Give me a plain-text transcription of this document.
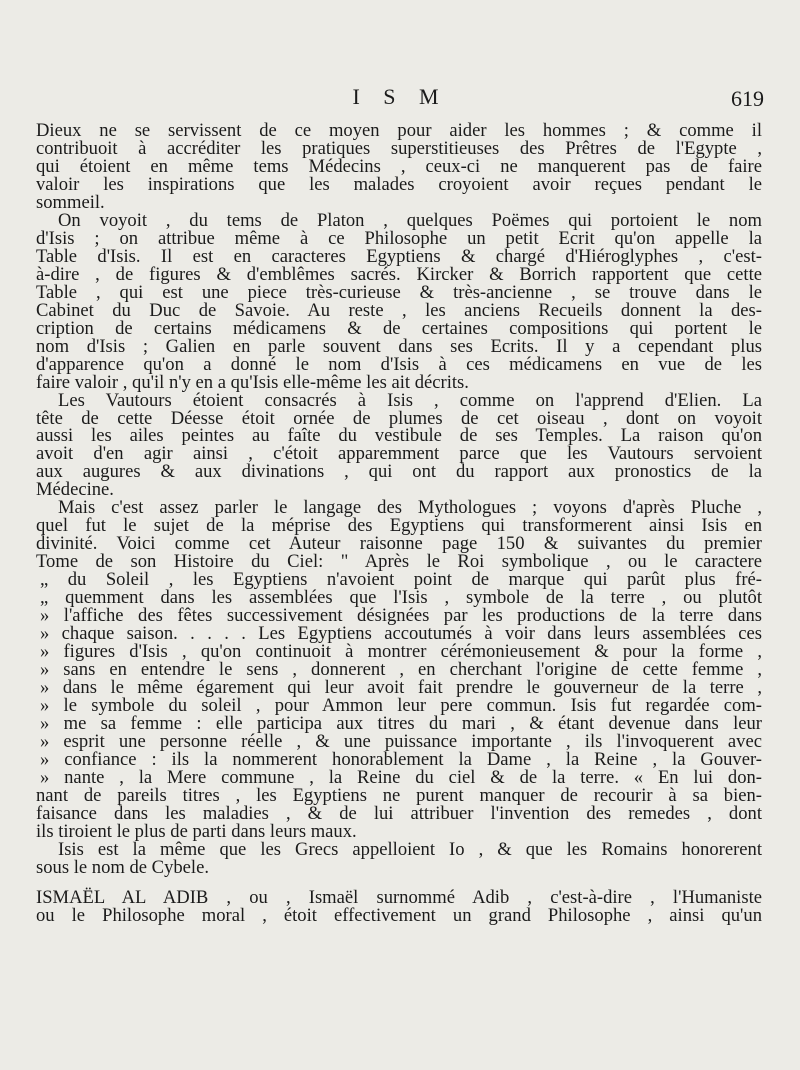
I S M	619
Dieux ne se servissent de ce moyen pour aider les hommes ; & comme il
contribuoit à accréditer les pratiques superstitieuses des Prêtres de l'Egypte ,
qui étoient en même tems Médecins , ceux-ci ne manquerent pas de faire
valoir les inspirations que les malades croyoient avoir reçues pendant le
sommeil.
On voyoit , du tems de Platon , quelques Poëmes qui portoient le nom
d'Isis ; on attribue même à ce Philosophe un petit Ecrit qu'on appelle la
Table d'Isis. Il est en caracteres Egyptiens & chargé d'Hiéroglyphes , c'est-
à-dire , de figures & d'emblêmes sacrés. Kircker & Borrich rapportent que cette
Table , qui est une piece très-curieuse & très-ancienne , se trouve dans le
Cabinet du Duc de Savoie. Au reste , les anciens Recueils donnent la des-
cription de certains médicamens & de certaines compositions qui portent le
nom d'Isis ; Galien en parle souvent dans ses Ecrits. Il y a cependant plus
d'apparence qu'on a donné le nom d'Isis à ces médicamens en vue de les
faire valoir , qu'il n'y en a qu'Isis elle-même les ait décrits.
Les Vautours étoient consacrés à Isis , comme on l'apprend d'Elien. La
tête de cette Déesse étoit ornée de plumes de cet oiseau , dont on voyoit
aussi les ailes peintes au faîte du vestibule de ses Temples. La raison qu'on
avoit d'en agir ainsi , c'étoit apparemment parce que les Vautours servoient
aux augures & aux divinations , qui ont du rapport aux pronostics de la
Médecine.
Mais c'est assez parler le langage des Mythologues ; voyons d'après Pluche ,
quel fut le sujet de la méprise des Egyptiens qui transformerent ainsi Isis en
divinité. Voici comme cet Auteur raisonne page 150 & suivantes du premier
Tome de son Histoire du Ciel: " Après le Roi symbolique , ou le caractere
„ du Soleil , les Egyptiens n'avoient point de marque qui parût plus fré-
„ quemment dans les assemblées que l'Isis , symbole de la terre , ou plutôt
» l'affiche des fêtes successivement désignées par les productions de la terre dans
» chaque saison. . . . . Les Egyptiens accoutumés à voir dans leurs assemblées ces
» figures d'Isis , qu'on continuoit à montrer cérémonieusement & pour la forme ,
» sans en entendre le sens , donnerent , en cherchant l'origine de cette femme ,
» dans le même égarement qui leur avoit fait prendre le gouverneur de la terre ,
» le symbole du soleil , pour Ammon leur pere commun. Isis fut regardée com-
» me sa femme : elle participa aux titres du mari , & étant devenue dans leur
» esprit une personne réelle , & une puissance importante , ils l'invoquerent avec
» confiance : ils la nommerent honorablement la Dame , la Reine , la Gouver-
» nante , la Mere commune , la Reine du ciel & de la terre. « En lui don-
nant de pareils titres , les Egyptiens ne purent manquer de recourir à sa bien-
faisance dans les maladies , & de lui attribuer l'invention des remedes , dont
ils tiroient le plus de parti dans leurs maux.
Isis est la même que les Grecs appelloient Io , & que les Romains honorerent
sous le nom de Cybele.
ISMAËL AL ADIB , ou , Ismaël surnommé Adib , c'est-à-dire , l'Humaniste
ou le Philosophe moral , étoit effectivement un grand Philosophe , ainsi qu'un
